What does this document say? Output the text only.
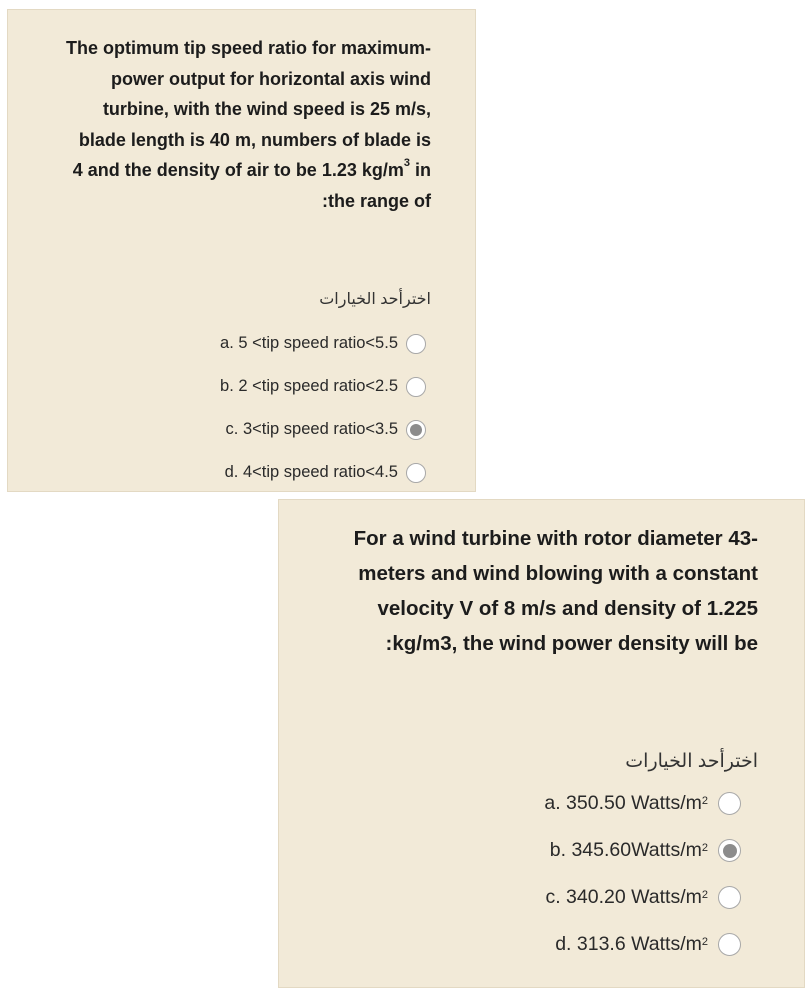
The optimum tip speed ratio for maximum-
power output for horizontal axis wind
turbine, with the wind speed is 25 m/s,
blade length is 40 m, numbers of blade is
4 and the density of air to be 1.23 $kg/m^3$ in
:the range of
اخترأحد الخيارات
a. 5 <tip speed ratio<5.5
b. 2 <tip speed ratio<2.5
c. 3<tip speed ratio<3.5
d. 4<tip speed ratio<4.5
For a wind turbine with rotor diameter 43-
meters and wind blowing with a constant
velocity V of 8 m/s and density of 1.225
:kg/m3, the wind power density will be
اخترأحد الخيارات
a. 350.50 Watts/$m^2$
b. $345.60Watts/m^2$
c. 340.20 Watts/$m^2$
d. 313.6 Watts/$m^2$
